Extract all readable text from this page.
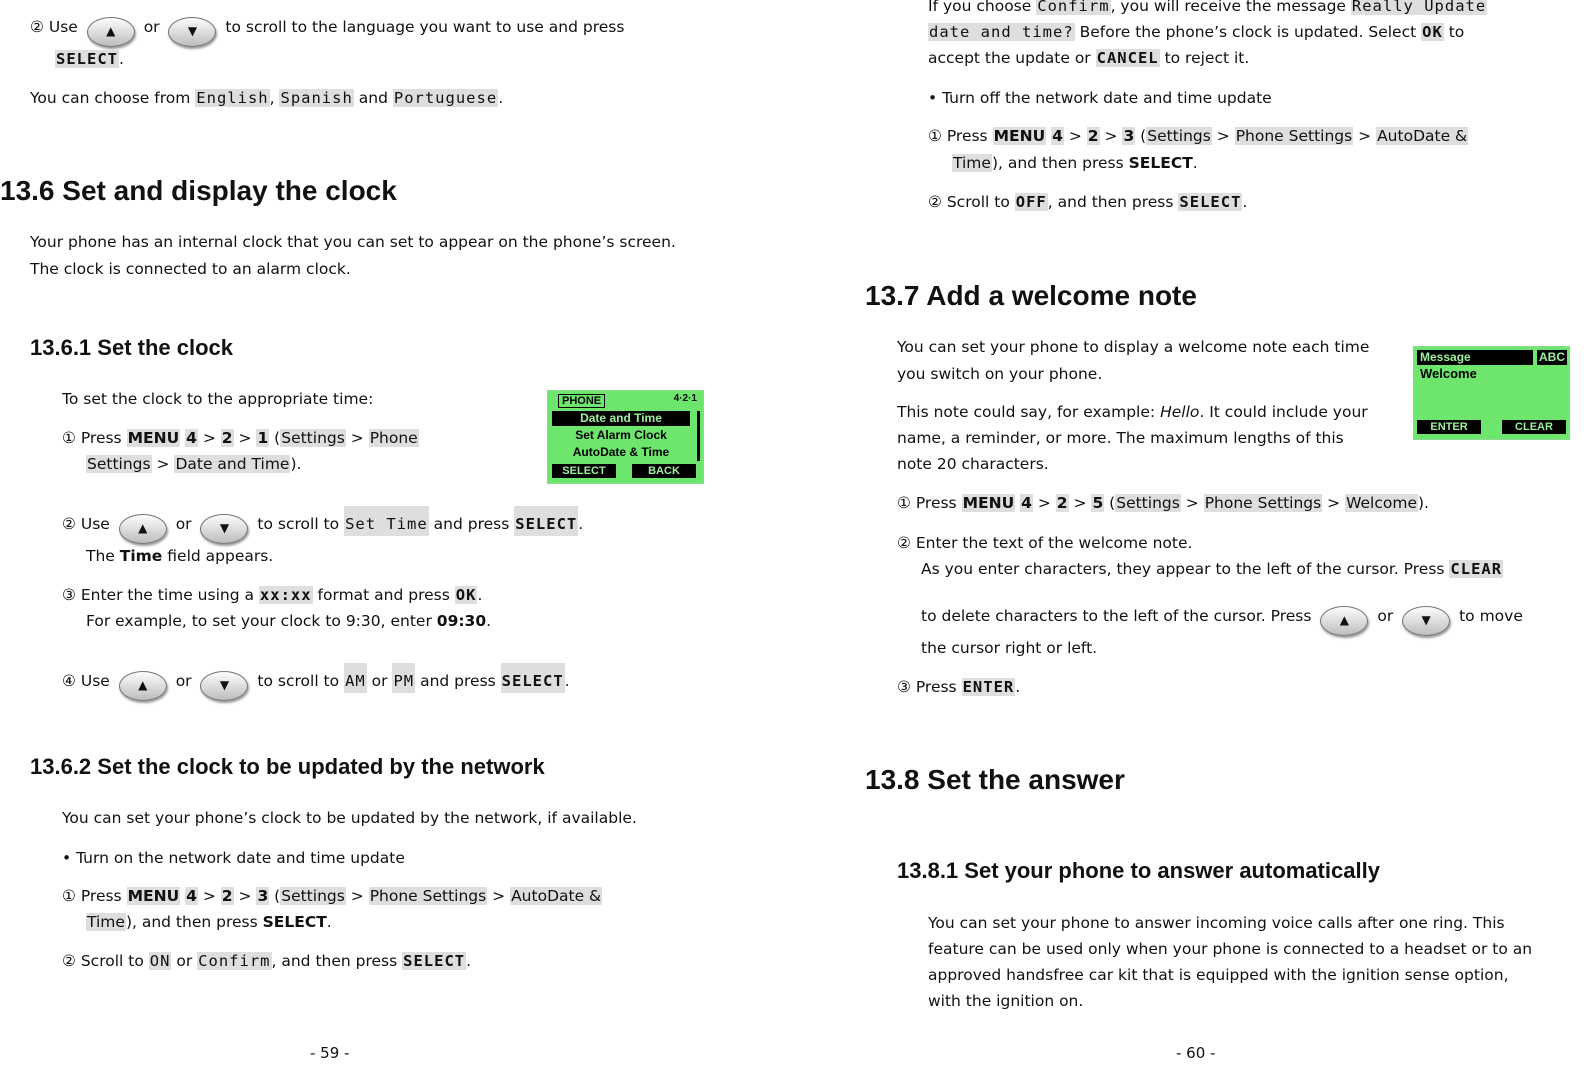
② Use ▲ or ▼ to scroll to the language you want to use and press
SELECT.
You can choose from English, Spanish and Portuguese.
13.6 Set and display the clock
Your phone has an internal clock that you can set to appear on the phone’s screen.
The clock is connected to an alarm clock.
13.6.1 Set the clock
To set the clock to the appropriate time:	PHONE	4·2·1
Date and Time
Set Alarm Clock
AutoDate & Time
SELECT	BACK
① Press MENU 4 > 2 > 1 (Settings > Phone
Settings > Date and Time).
② Use ▲ or ▼ to scroll to Set Time and press SELECT.
The Time field appears.
③ Enter the time using a xx:xx format and press OK.
For example, to set your clock to 9:30, enter 09:30.
④ Use ▲ or ▼ to scroll to AM or PM and press SELECT.
13.6.2 Set the clock to be updated by the network
You can set your phone’s clock to be updated by the network, if available.
• Turn on the network date and time update
① Press MENU 4 > 2 > 3 (Settings > Phone Settings > AutoDate &
Time), and then press SELECT.
② Scroll to ON or Confirm, and then press SELECT.
- 59 -
If you choose Confirm, you will receive the message Really Update
date and time? Before the phone’s clock is updated. Select OK to
accept the update or CANCEL to reject it.
• Turn off the network date and time update
① Press MENU 4 > 2 > 3 (Settings > Phone Settings > AutoDate &
Time), and then press SELECT.
② Scroll to OFF, and then press SELECT.
13.7 Add a welcome note
You can set your phone to display a welcome note each time
you switch on your phone.
This note could say, for example: Hello. It could include your
name, a reminder, or more. The maximum lengths of this
note 20 characters.
Message	ABC
Welcome
ENTER	CLEAR
① Press MENU 4 > 2 > 5 (Settings > Phone Settings > Welcome).
② Enter the text of the welcome note.
As you enter characters, they appear to the left of the cursor. Press CLEAR
to delete characters to the left of the cursor. Press ▲ or ▼ to move
the cursor right or left.
③ Press ENTER.
13.8 Set the answer
13.8.1 Set your phone to answer automatically
You can set your phone to answer incoming voice calls after one ring. This
feature can be used only when your phone is connected to a headset or to an
approved handsfree car kit that is equipped with the ignition sense option,
with the ignition on.
- 60 -
